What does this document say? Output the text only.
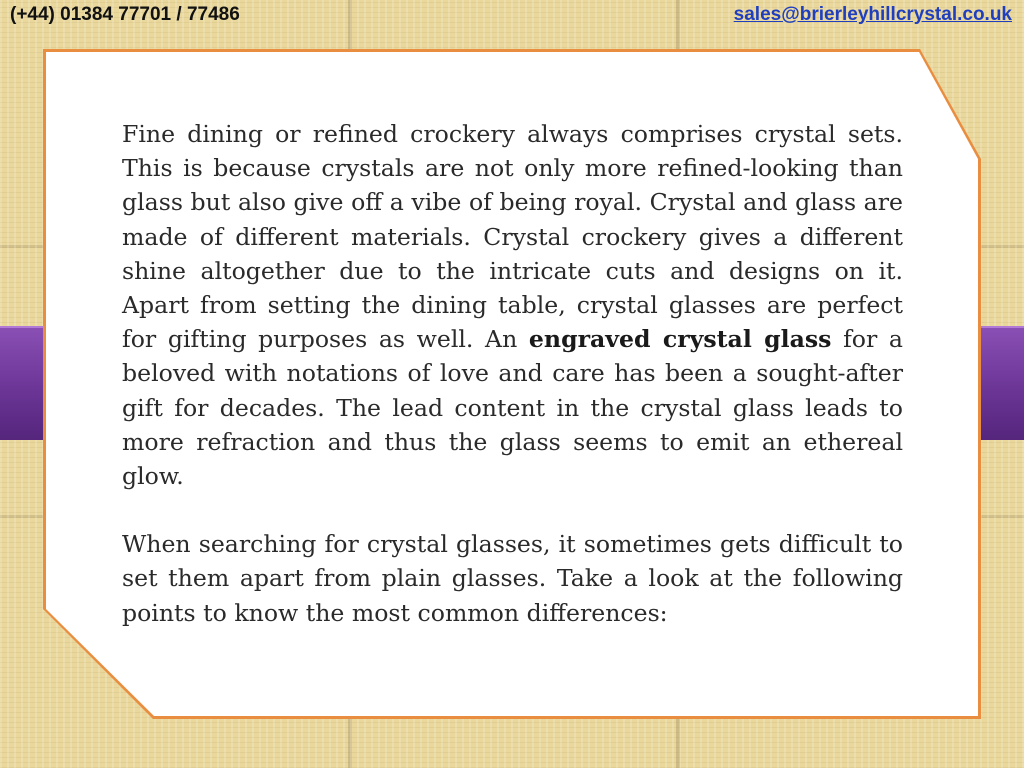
(+44) 01384 77701 / 77486	sales@brierleyhillcrystal.co.uk

Fine dining or refined crockery always comprises crystal sets. This is because crystals are not only more refined-looking than glass but also give off a vibe of being royal. Crystal and glass are made of different materials. Crystal crockery gives a different shine altogether due to the intricate cuts and designs on it. Apart from setting the dining table, crystal glasses are perfect for gifting purposes as well. An engraved crystal glass for a beloved with notations of love and care has been a sought-after gift for decades. The lead content in the crystal glass leads to more refraction and thus the glass seems to emit an ethereal glow.

When searching for crystal glasses, it sometimes gets difficult to set them apart from plain glasses. Take a look at the following points to know the most common differences:
